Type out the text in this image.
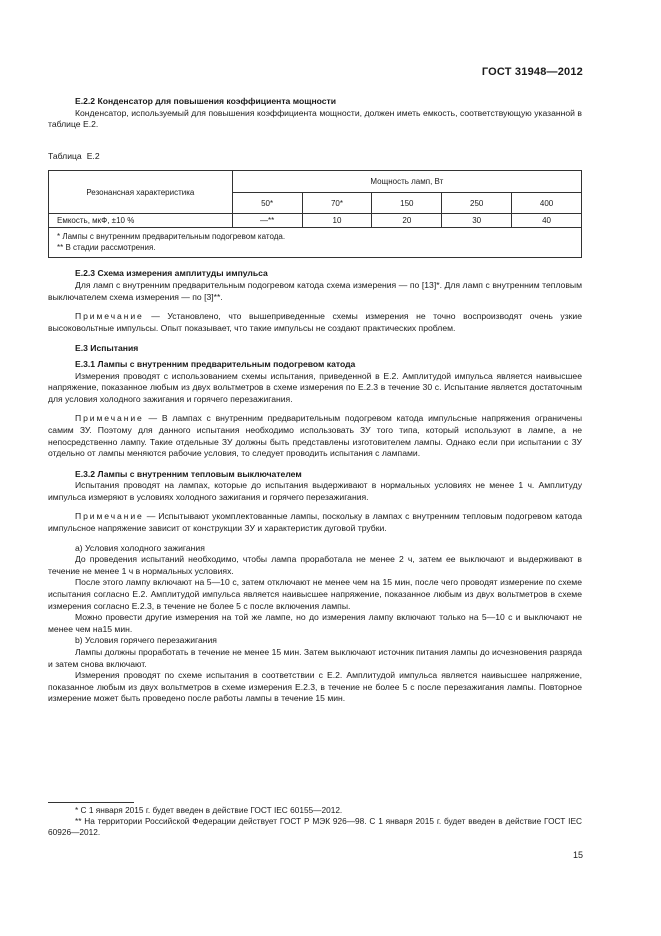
ГОСТ 31948—2012

Е.2.2 Конденсатор для повышения коэффициента мощности

Конденсатор, используемый для повышения коэффициента мощности, должен иметь емкость, соответствующую указанной в таблице Е.2.

Таблица Е.2

Резонансная характеристика	Мощность ламп, Вт				
	50*	70*	150	250	400
Емкость, мкФ, ±10 %	—**	10	20	30	40

* Лампы с внутренним предварительным подогревом катода.
** В стадии рассмотрения.					

Е.2.3 Схема измерения амплитуды импульса

Для ламп с внутренним предварительным подогревом катода схема измерения — по [13]*. Для ламп с внутренним тепловым выключателем схема измерения — по [3]**.

Примечание — Установлено, что вышеприведенные схемы измерения не точно воспроизводят очень узкие высоковольтные импульсы. Опыт показывает, что такие импульсы не создают практических проблем.

Е.3 Испытания

Е.3.1 Лампы с внутренним предварительным подогревом катода

Измерения проводят с использованием схемы испытания, приведенной в Е.2. Амплитудой импульса является наивысшее напряжение, показанное любым из двух вольтметров в схеме измерения по Е.2.3 в течение 30 с. Испытание является достаточным для условия холодного зажигания и горячего перезажигания.

Примечание — В лампах с внутренним предварительным подогревом катода импульсные напряжения ограничены самим ЗУ. Поэтому для данного испытания необходимо использовать ЗУ того типа, который используют в лампе, а не непосредственно лампу. Такие отдельные ЗУ должны быть представлены изготовителем лампы. Однако если при испытании с ЗУ отдельно от лампы меняются рабочие условия, то следует проводить испытания с лампами.

Е.3.2 Лампы с внутренним тепловым выключателем

Испытания проводят на лампах, которые до испытания выдерживают в нормальных условиях не менее 1 ч. Амплитуду импульса измеряют в условиях холодного зажигания и горячего перезажигания.

Примечание — Испытывают укомплектованные лампы, поскольку в лампах с внутренним тепловым подогревом катода импульсное напряжение зависит от конструкции ЗУ и характеристик дуговой трубки.

а) Условия холодного зажигания

До проведения испытаний необходимо, чтобы лампа проработала не менее 2 ч, затем ее выключают и выдерживают в течение не менее 1 ч в нормальных условиях.

После этого лампу включают на 5—10 с, затем отключают не менее чем на 15 мин, после чего проводят измерение по схеме испытания согласно Е.2. Амплитудой импульса является наивысшее напряжение, показанное любым из двух вольтметров в схеме измерения согласно Е.2.3, в течение не более 5 с после включения лампы.

Можно провести другие измерения на той же лампе, но до измерения лампу включают только на 5—10 с и выключают не менее чем на15 мин.

b) Условия горячего перезажигания

Лампы должны проработать в течение не менее 15 мин. Затем выключают источник питания лампы до исчезновения разряда и затем снова включают.

Измерения проводят по схеме испытания в соответствии с Е.2. Амплитудой импульса является наивысшее напряжение, показанное любым из двух вольтметров в схеме измерения Е.2.3, в течение не более 5 с после перезажигания лампы. Повторное измерение может быть проведено после работы лампы в течение 15 мин.

* С 1 января 2015 г. будет введен в действие ГОСТ IEC 60155—2012.

** На территории Российской Федерации действует ГОСТ Р МЭК 926—98. С 1 января 2015 г. будет введен в действие ГОСТ IEC 60926—2012.

15
